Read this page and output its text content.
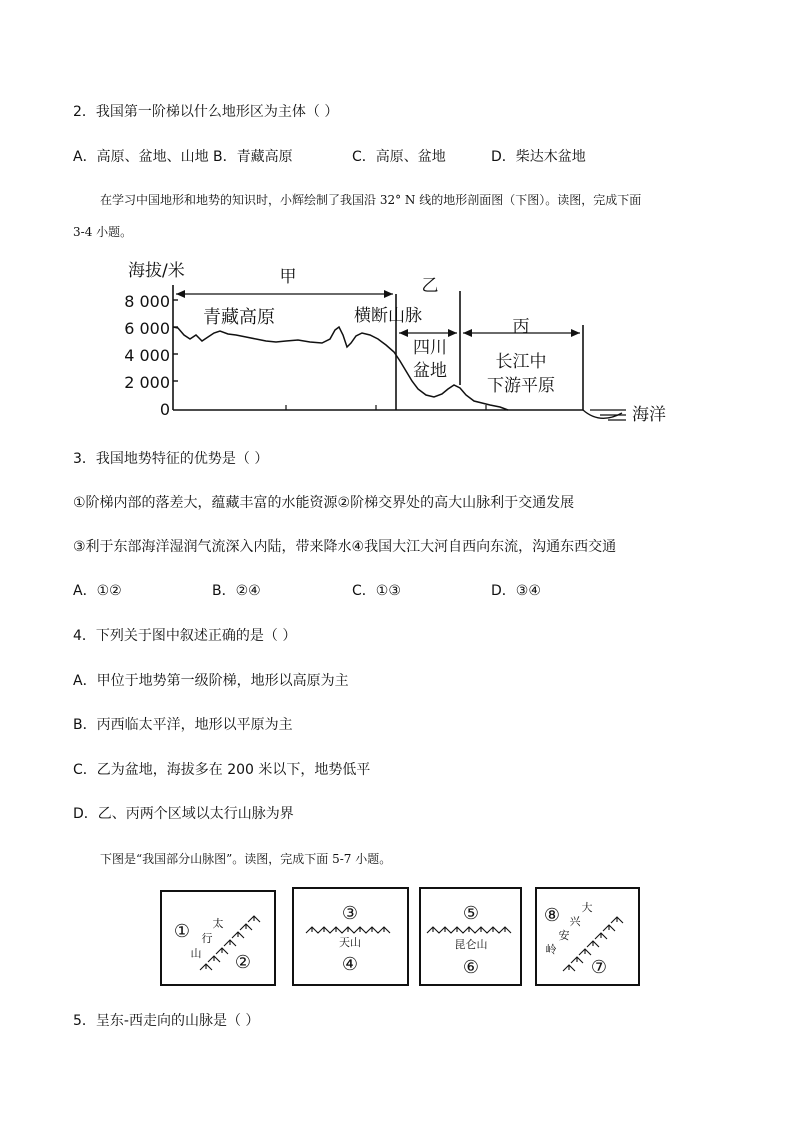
2．我国第一阶梯以什么地形区为主体（ ）
A．高原、盆地、山地 B．青藏高原	C．高原、盆地	D．柴达木盆地
在学习中国地形和地势的知识时，小辉绘制了我国沿 32° N 线的地形剖面图（下图）。读图，完成下面
3-4 小题。
海拔/米
8 000
6 000
4 000
2 000
0
甲	乙
丙
青藏高原	横断山脉
四川
盆地	长江中
下游平原
海洋
3．我国地势特征的优势是（ ）
①阶梯内部的落差大，蕴藏丰富的水能资源②阶梯交界处的高大山脉利于交通发展
③利于东部海洋湿润气流深入内陆，带来降水④我国大江大河自西向东流，沟通东西交通
A．①②	B．②④	C．①③	D．③④
4．下列关于图中叙述正确的是（ ）
A．甲位于地势第一级阶梯，地形以高原为主
B．丙西临太平洋，地形以平原为主
C．乙为盆地，海拔多在 200 米以下，地势低平
D．乙、丙两个区域以太行山脉为界
下图是“我国部分山脉图”。读图，完成下面 5-7 小题。
①
②
太
行
山
③
④
天山
⑤
⑥
昆仑山
⑧
⑦
大
兴
安
岭
5．呈东-西走向的山脉是（ ）
